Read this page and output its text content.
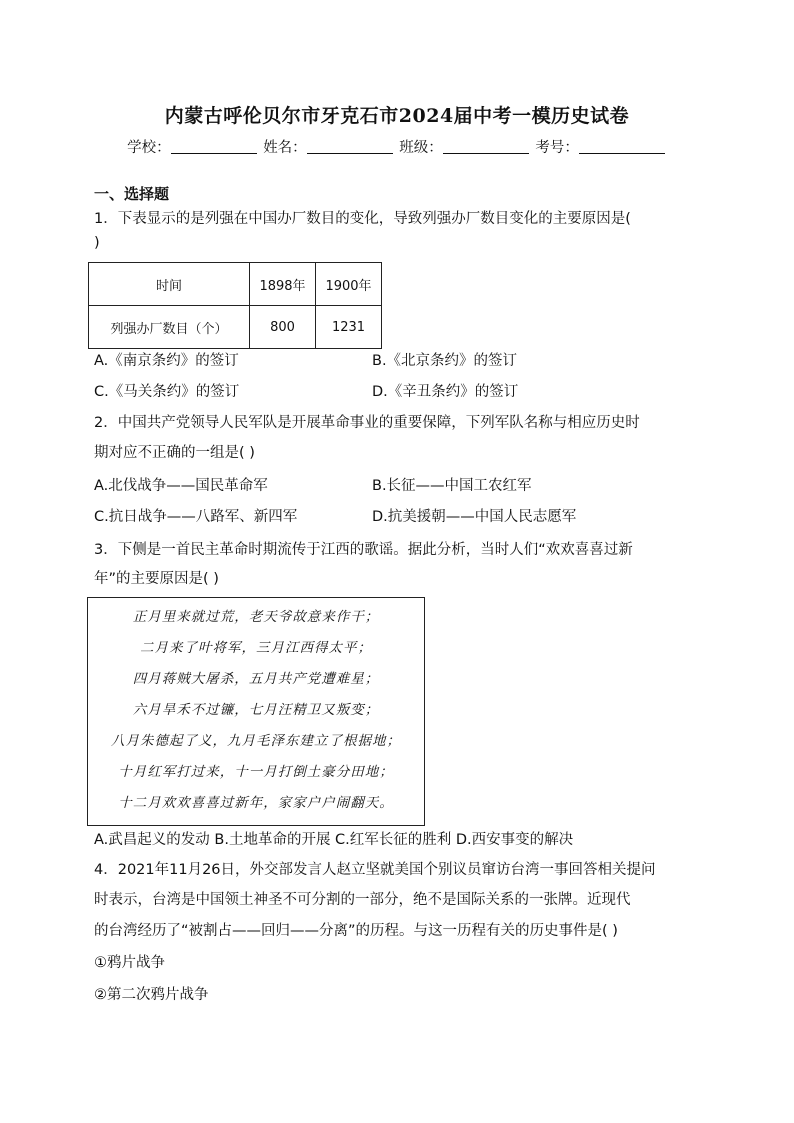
内蒙古呼伦贝尔市牙克石市2024届中考一模历史试卷
学校：	姓名：	班级：	考号：
一、选择题
1．下表显示的是列强在中国办厂数目的变化，导致列强办厂数目变化的主要原因是(
)
时间	1898年	1900年
列强办厂数目（个）	800	1231
A.《南京条约》的签订	B.《北京条约》的签订
C.《马关条约》的签订	D.《辛丑条约》的签订
2．中国共产党领导人民军队是开展革命事业的重要保障，下列军队名称与相应历史时
期对应不正确的一组是( )
A.北伐战争——国民革命军	B.长征——中国工农红军
C.抗日战争——八路军、新四军	D.抗美援朝——中国人民志愿军
3．下侧是一首民主革命时期流传于江西的歌谣。据此分析，当时人们“欢欢喜喜过新
年”的主要原因是( )
正月里来就过荒，老天爷故意来作干；
二月来了叶将军，三月江西得太平；
四月蒋贼大屠杀，五月共产党遭难星；
六月旱禾不过镰，七月汪精卫又叛变；
八月朱德起了义，九月毛泽东建立了根据地；
十月红军打过来，十一月打倒土豪分田地；
十二月欢欢喜喜过新年，家家户户闹翻天。
A.武昌起义的发动 B.土地革命的开展 C.红军长征的胜利 D.西安事变的解决
4．2021年11月26日，外交部发言人赵立坚就美国个别议员窜访台湾一事回答相关提问
时表示，台湾是中国领土神圣不可分割的一部分，绝不是国际关系的一张牌。近现代
的台湾经历了“被割占——回归——分离”的历程。与这一历程有关的历史事件是( )
①鸦片战争
②第二次鸦片战争
